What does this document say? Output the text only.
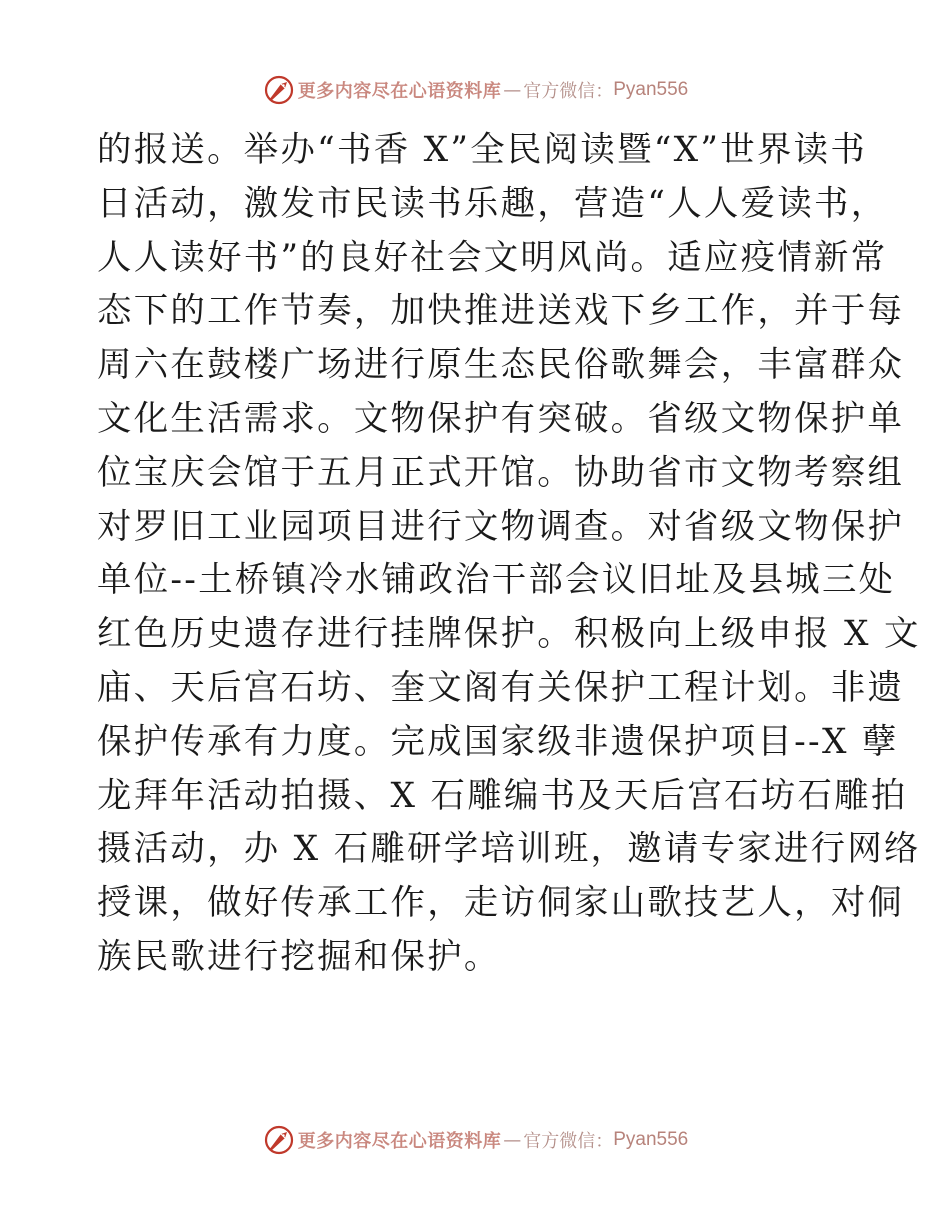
更多内容尽在心语资料库 — 官方微信： Pyan556
的报送。举办“书香 X”全民阅读暨“X”世界读书
日活动，激发市民读书乐趣，营造“人人爱读书，
人人读好书”的良好社会文明风尚。适应疫情新常
态下的工作节奏，加快推进送戏下乡工作，并于每
周六在鼓楼广场进行原生态民俗歌舞会，丰富群众
文化生活需求。文物保护有突破。省级文物保护单
位宝庆会馆于五月正式开馆。协助省市文物考察组
对罗旧工业园项目进行文物调查。对省级文物保护
单位--土桥镇冷水铺政治干部会议旧址及县城三处
红色历史遗存进行挂牌保护。积极向上级申报 X 文
庙、天后宫石坊、奎文阁有关保护工程计划。非遗
保护传承有力度。完成国家级非遗保护项目--X 孽
龙拜年活动拍摄、X 石雕编书及天后宫石坊石雕拍
摄活动，办 X 石雕研学培训班，邀请专家进行网络
授课，做好传承工作，走访侗家山歌技艺人，对侗
族民歌进行挖掘和保护。
更多内容尽在心语资料库 — 官方微信： Pyan556
